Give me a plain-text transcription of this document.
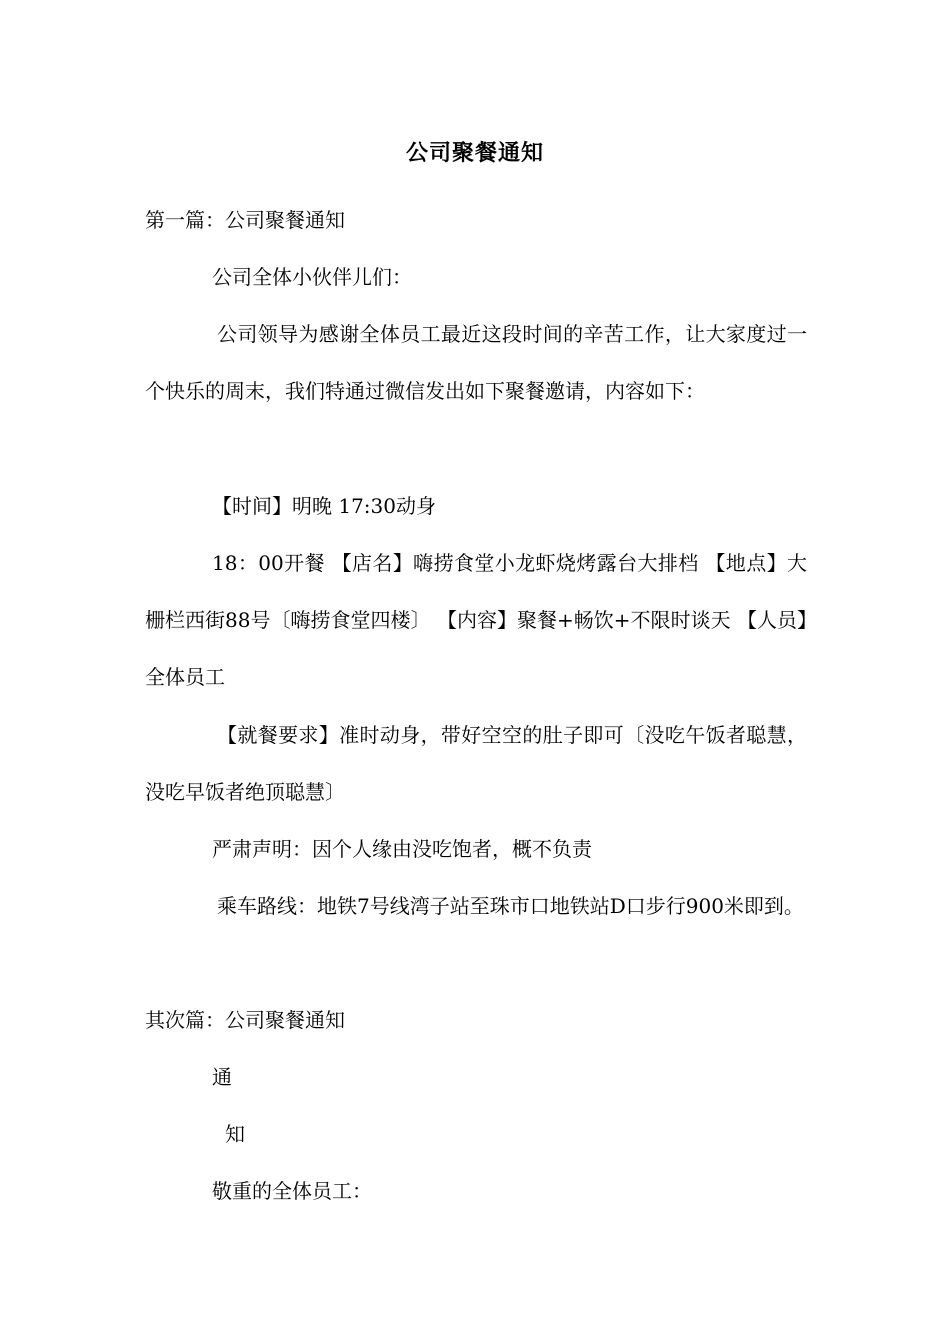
公司聚餐通知

第一篇：公司聚餐通知

公司全体小伙伴儿们：

公司领导为感谢全体员工最近这段时间的辛苦工作，让大家度过一个快乐的周末，我们特通过微信发出如下聚餐邀请，内容如下：

【时间】明晚 17:30动身

18：00开餐 【店名】嗨捞食堂小龙虾烧烤露台大排档 【地点】大栅栏西街88号〔嗨捞食堂四楼〕 【内容】聚餐+畅饮+不限时谈天 【人员】全体员工

【就餐要求】准时动身，带好空空的肚子即可〔没吃午饭者聪慧，没吃早饭者绝顶聪慧〕

严肃声明：因个人缘由没吃饱者，概不负责

乘车路线：地铁7号线湾子站至珠市口地铁站D口步行900米即到。

其次篇：公司聚餐通知

通

知

敬重的全体员工：
